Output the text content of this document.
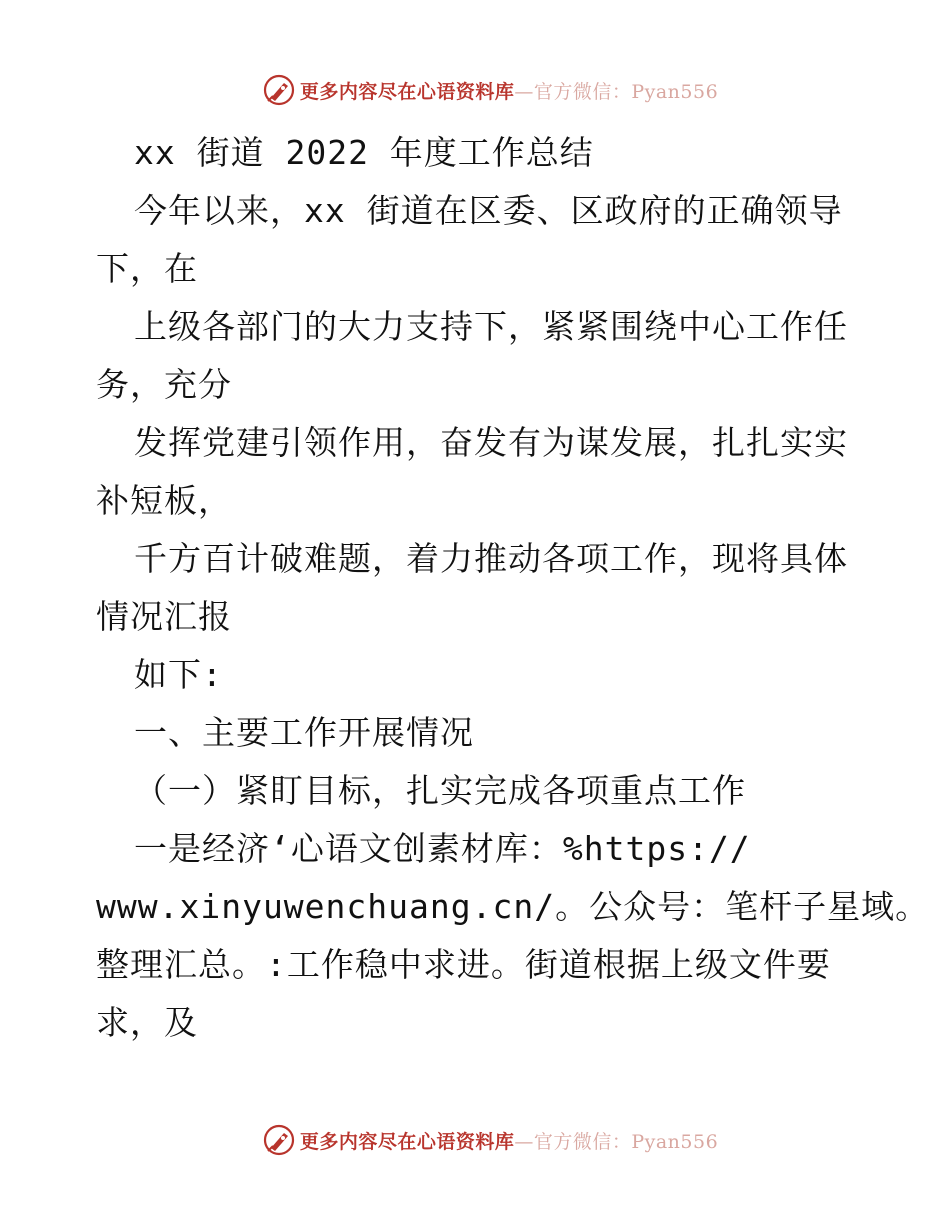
更多内容尽在心语资料库—官方微信：Pyan556
xx 街道 2022 年度工作总结
今年以来，xx 街道在区委、区政府的正确领导
下，在
上级各部门的大力支持下，紧紧围绕中心工作任
务，充分
发挥党建引领作用，奋发有为谋发展，扎扎实实
补短板，
千方百计破难题，着力推动各项工作，现将具体
情况汇报
如下:
一、主要工作开展情况
（一）紧盯目标，扎实完成各项重点工作
一是经济‘心语文创素材库：%https://
www.xinyuwenchuang.cn/。公众号：笔杆子星域。
整理汇总。:工作稳中求进。街道根据上级文件要
求，及
更多内容尽在心语资料库—官方微信：Pyan556
